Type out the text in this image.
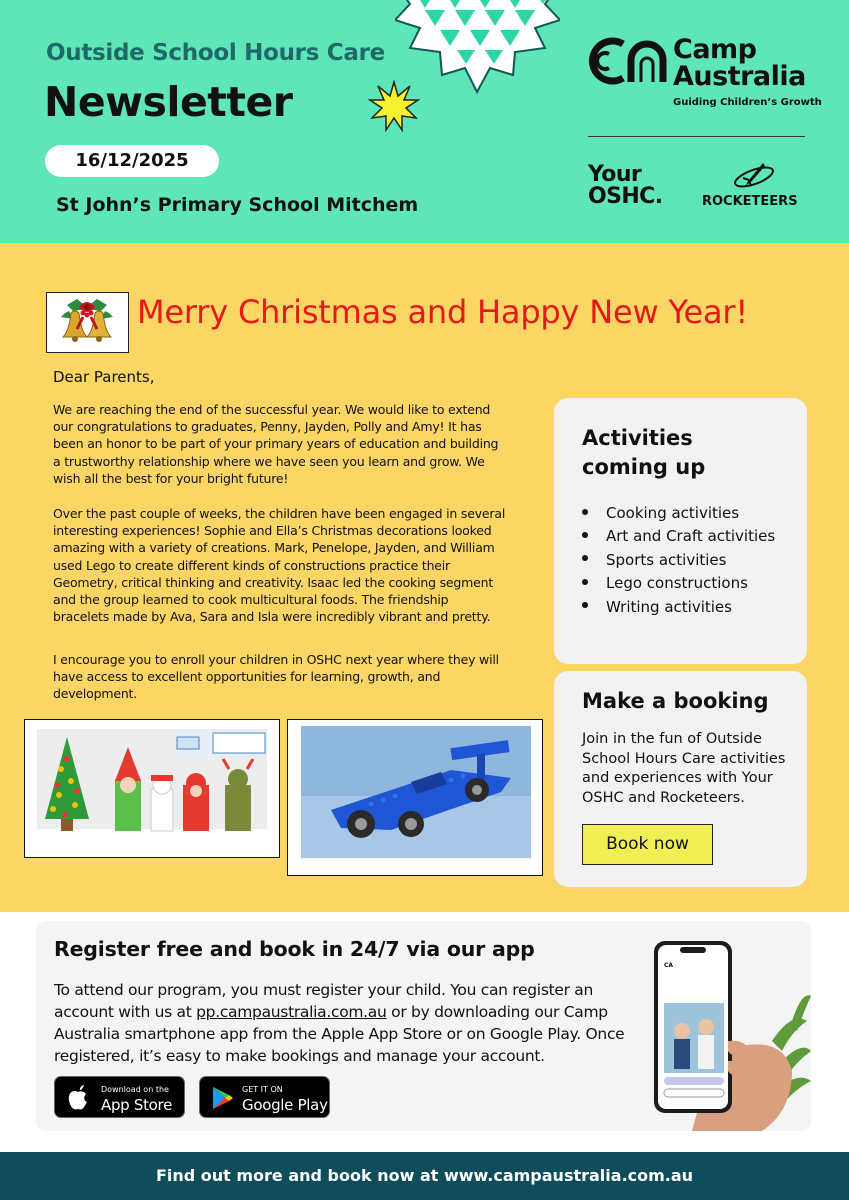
Outside School Hours Care
Newsletter
16/12/2025
St John’s Primary School Mitchem
Camp
Australia
Guiding Children’s Growth
Your
OSHC.	ROCKETEERS
Merry Christmas and Happy New Year!
Dear Parents,
We are reaching the end of the successful year. We would like to extend our congratulations to graduates, Penny, Jayden, Polly and Amy! It has been an honor to be part of your primary years of education and building a trustworthy relationship where we have seen you learn and grow. We wish all the best for your bright future!
Over the past couple of weeks, the children have been engaged in several interesting experiences! Sophie and Ella’s Christmas decorations looked amazing with a variety of creations. Mark, Penelope, Jayden, and William used Lego to create different kinds of constructions practice their Geometry, critical thinking and creativity. Isaac led the cooking segment and the group learned to cook multicultural foods. The friendship bracelets made by Ava, Sara and Isla were incredibly vibrant and pretty.
I encourage you to enroll your children in OSHC next year where they will have access to excellent opportunities for learning, growth, and development.
Activities
coming up
Cooking activities
Art and Craft activities
Sports activities
Lego constructions
Writing activities
Make a booking
Join in the fun of Outside School Hours Care activities and experiences with Your OSHC and Rocketeers.
Book now
Register free and book in 24/7 via our app
To attend our program, you must register your child. You can register an account with us at pp.campaustralia.com.au or by downloading our Camp Australia smartphone app from the Apple App Store or on Google Play. Once registered, it’s easy to make bookings and manage your account.
Download on the
App Store
GET IT ON
Google Play
CA
Find out more and book now at www.campaustralia.com.au
